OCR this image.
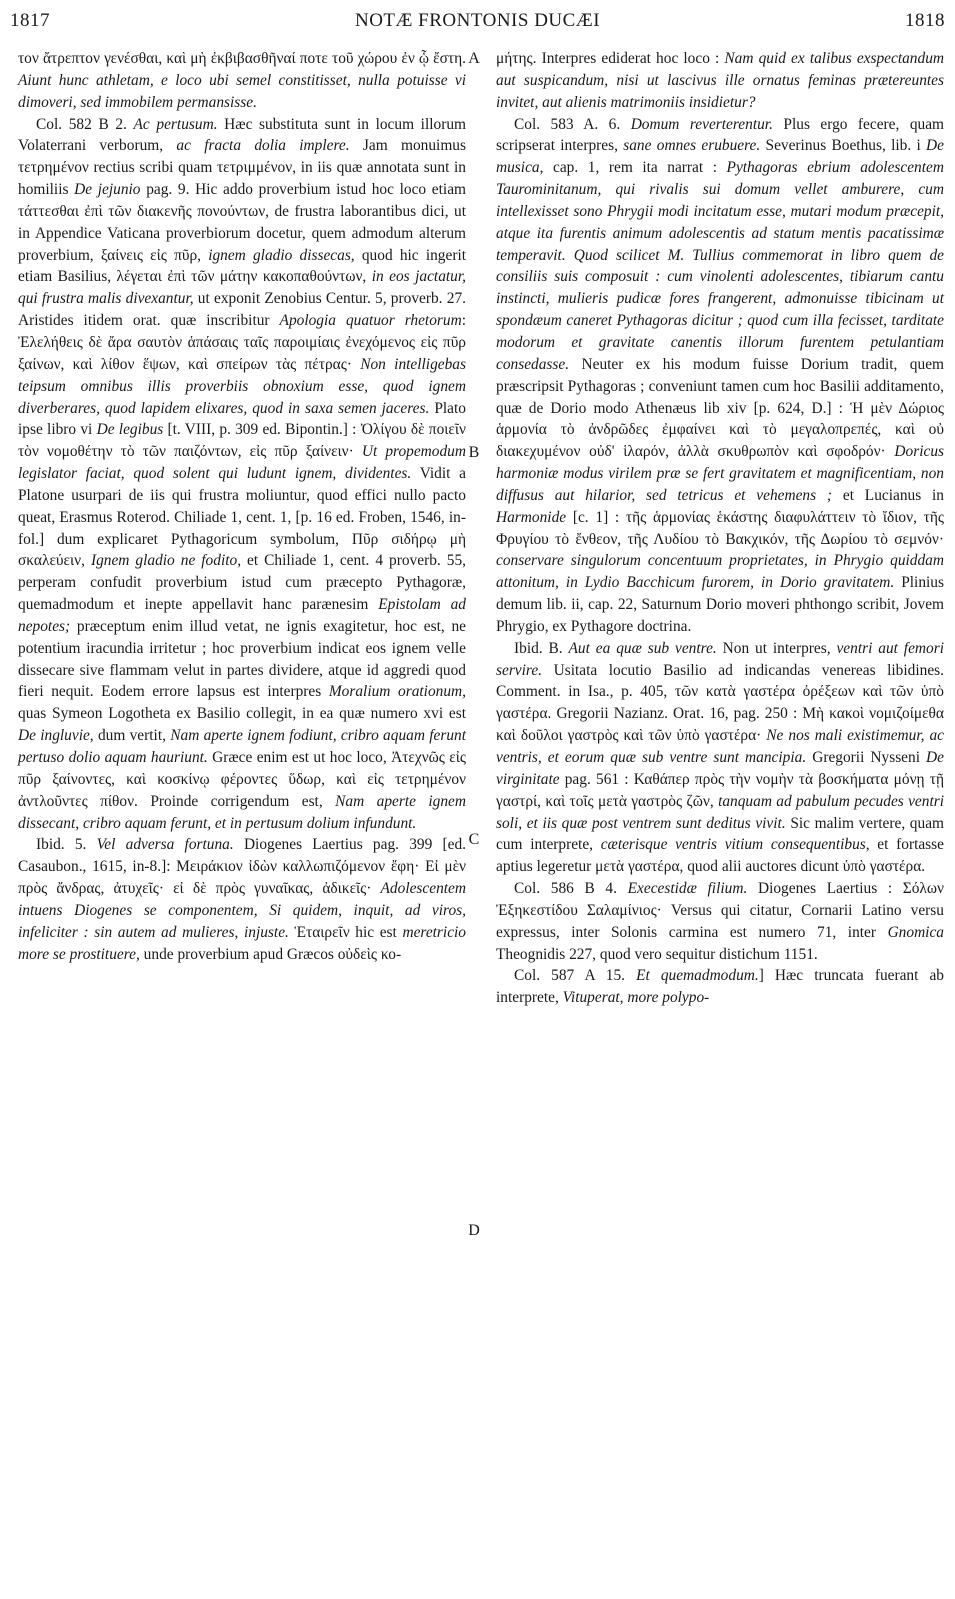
1817	NOTÆ FRONTONIS DUCÆI	1818

τον ἄτρεπτον γενέσθαι, καὶ μὴ ἐκβιβασθῆναί ποτε τοῦ χώρου ἐν ᾧ ἔστη. Aiunt hunc athletam, e loco ubi semel constitisset, nulla potuisse vi dimoveri, sed immobilem permansisse.

Col. 582 B 2. Ac pertusum. Hæc substituta sunt in locum illorum Volaterrani verborum, ac fracta dolia implere. Jam monuimus τετρημένον rectius scribi quam τετριμμένον, in iis quæ annotata sunt in homiliis De jejunio pag. 9. Hic addo proverbium istud hoc loco etiam τάττεσθαι ἐπὶ τῶν διακενῆς πονούντων, de frustra laborantibus dici, ut in Appendice Vaticana proverbiorum docetur, quem admodum alterum proverbium, ξαίνεις εἰς πῦρ, ignem gladio dissecas, quod hic ingerit etiam Basilius, λέγεται ἐπὶ τῶν μάτην κακοπαθούντων, in eos jactatur, qui frustra malis divexantur, ut exponit Zenobius Centur. 5, proverb. 27. Aristides itidem orat. quæ inscribitur Apologia quatuor rhetorum: Ἐλελήθεις δὲ ἄρα σαυτὸν ἁπάσαις ταῖς παροιμίαις ἐνεχόμενος εἰς πῦρ ξαίνων, καὶ λίθον ἕψων, καὶ σπείρων τὰς πέτρας· Non intelligebas teipsum omnibus illis proverbiis obnoxium esse, quod ignem diverberares, quod lapidem elixares, quod in saxa semen jaceres. Plato ipse libro vi De legibus [t. VIII, p. 309 ed. Bipontin.] : Ὀλίγου δὲ ποιεῖν τὸν νομοθέτην τὸ τῶν παιζόντων, εἰς πῦρ ξαίνειν· Ut propemodum legislator faciat, quod solent qui ludunt ignem, dividentes. Vidit a Platone usurpari de iis qui frustra moliuntur, quod effici nullo pacto queat, Erasmus Roterod. Chiliade 1, cent. 1, [p. 16 ed. Froben, 1546, in-fol.] dum explicaret Pythagoricum symbolum, Πῦρ σιδήρῳ μὴ σκαλεύειν, Ignem gladio ne fodito, et Chiliade 1, cent. 4 proverb. 55, perperam confudit proverbium istud cum præcepto Pythagoræ, quemadmodum et inepte appellavit hanc parænesim Epistolam ad nepotes; præceptum enim illud vetat, ne ignis exagitetur, hoc est, ne potentium iracundia irritetur ; hoc proverbium indicat eos ignem velle dissecare sive flammam velut in partes dividere, atque id aggredi quod fieri nequit. Eodem errore lapsus est interpres Moralium orationum, quas Symeon Logotheta ex Basilio collegit, in ea quæ numero xvi est De ingluvie, dum vertit, Nam aperte ignem fodiunt, cribro aquam ferunt pertuso dolio aquam hauriunt. Græce enim est ut hoc loco, Ἀτεχνῶς εἰς πῦρ ξαίνοντες, καὶ κοσκίνῳ φέροντες ὕδωρ, καὶ εἰς τετρημένον ἀντλοῦντες πίθον. Proinde corrigendum est, Nam aperte ignem dissecant, cribro aquam ferunt, et in pertusum dolium infundunt.

Ibid. 5. Vel adversa fortuna. Diogenes Laertius pag. 399 [ed. Casaubon., 1615, in-8.]: Μειράκιον ἰδὼν καλλωπιζόμενον ἔφη· Εἰ μὲν πρὸς ἄνδρας, ἀτυχεῖς· εἰ δὲ πρὸς γυναῖκας, ἀδικεῖς· Adolescentem intuens Diogenes se componentem, Si quidem, inquit, ad viros, infeliciter : sin autem ad mulieres, injuste. Ἑταιρεῖν hic est meretricio more se prostituere, unde proverbium apud Græcos οὐδεὶς κο-

μήτης. Interpres ediderat hoc loco : Nam quid ex talibus exspectandum aut suspicandum, nisi ut lascivus ille ornatus feminas prætereuntes invitet, aut alienis matrimoniis insidietur?

Col. 583 A. 6. Domum reverterentur. Plus ergo fecere, quam scripserat interpres, sane omnes erubuere. Severinus Boethus, lib. i De musica, cap. 1, rem ita narrat : Pythagoras ebrium adolescentem Taurominitanum, qui rivalis sui domum vellet amburere, cum intellexisset sono Phrygii modi incitatum esse, mutari modum præcepit, atque ita furentis animum adolescentis ad statum mentis pacatissimæ temperavit. Quod scilicet M. Tullius commemorat in libro quem de consiliis suis composuit : cum vinolenti adolescentes, tibiarum cantu instincti, mulieris pudicæ fores frangerent, admonuisse tibicinam ut spondæum caneret Pythagoras dicitur ; quod cum illa fecisset, tarditate modorum et gravitate canentis illorum furentem petulantiam consedasse. Neuter ex his modum fuisse Dorium tradit, quem præscripsit Pythagoras ; conveniunt tamen cum hoc Basilii additamento, quæ de Dorio modo Athenæus lib xiv [p. 624, D.] : Ἡ μὲν Δώριος ἁρμονία τὸ ἀνδρῶδες ἐμφαίνει καὶ τὸ μεγαλοπρεπές, καὶ οὐ διακεχυμένον οὐδ' ἱλαρόν, ἀλλὰ σκυθρωπὸν καὶ σφοδρόν· Doricus harmoniæ modus virilem præ se fert gravitatem et magnificentiam, non diffusus aut hilarior, sed tetricus et vehemens ; et Lucianus in Harmonide [c. 1] : τῆς ἁρμονίας ἑκάστης διαφυλάττειν τὸ ἴδιον, τῆς Φρυγίου τὸ ἔνθεον, τῆς Λυδίου τὸ Βακχικόν, τῆς Δωρίου τὸ σεμνόν· conservare singulorum concentuum proprietates, in Phrygio quiddam attonitum, in Lydio Bacchicum furorem, in Dorio gravitatem. Plinius demum lib. ii, cap. 22, Saturnum Dorio moveri phthongo scribit, Jovem Phrygio, ex Pythagore doctrina.

Ibid. B. Aut ea quæ sub ventre. Non ut interpres, ventri aut femori servire. Usitata locutio Basilio ad indicandas venereas libidines. Comment. in Isa., p. 405, τῶν κατὰ γαστέρα ὀρέξεων καὶ τῶν ὑπὸ γαστέρα. Gregorii Nazianz. Orat. 16, pag. 250 : Μὴ κακοὶ νομιζοίμεθα καὶ δοῦλοι γαστρὸς καὶ τῶν ὑπὸ γαστέρα· Ne nos mali existimemur, ac ventris, et eorum quæ sub ventre sunt mancipia. Gregorii Nysseni De virginitate pag. 561 : Καθάπερ πρὸς τὴν νομὴν τὰ βοσκήματα μόνῃ τῇ γαστρί, καὶ τοῖς μετὰ γαστρὸς ζῶν, tanquam ad pabulum pecudes ventri soli, et iis quæ post ventrem sunt deditus vivit. Sic malim vertere, quam cum interprete, cæterisque ventris vitium consequentibus, et fortasse aptius legeretur μετὰ γαστέρα, quod alii auctores dicunt ὑπὸ γαστέρα.

Col. 586 B 4. Execestidæ filium. Diogenes Laertius : Σόλων Ἐξηκεστίδου Σαλαμίνιος· Versus qui citatur, Cornarii Latino versu expressus, inter Solonis carmina est numero 71, inter Gnomica Theognidis 227, quod vero sequitur distichum 1151.

Col. 587 A 15. Et quemadmodum.] Hæc truncata fuerant ab interprete, Vituperat, more polypo-

A
B
C
D
